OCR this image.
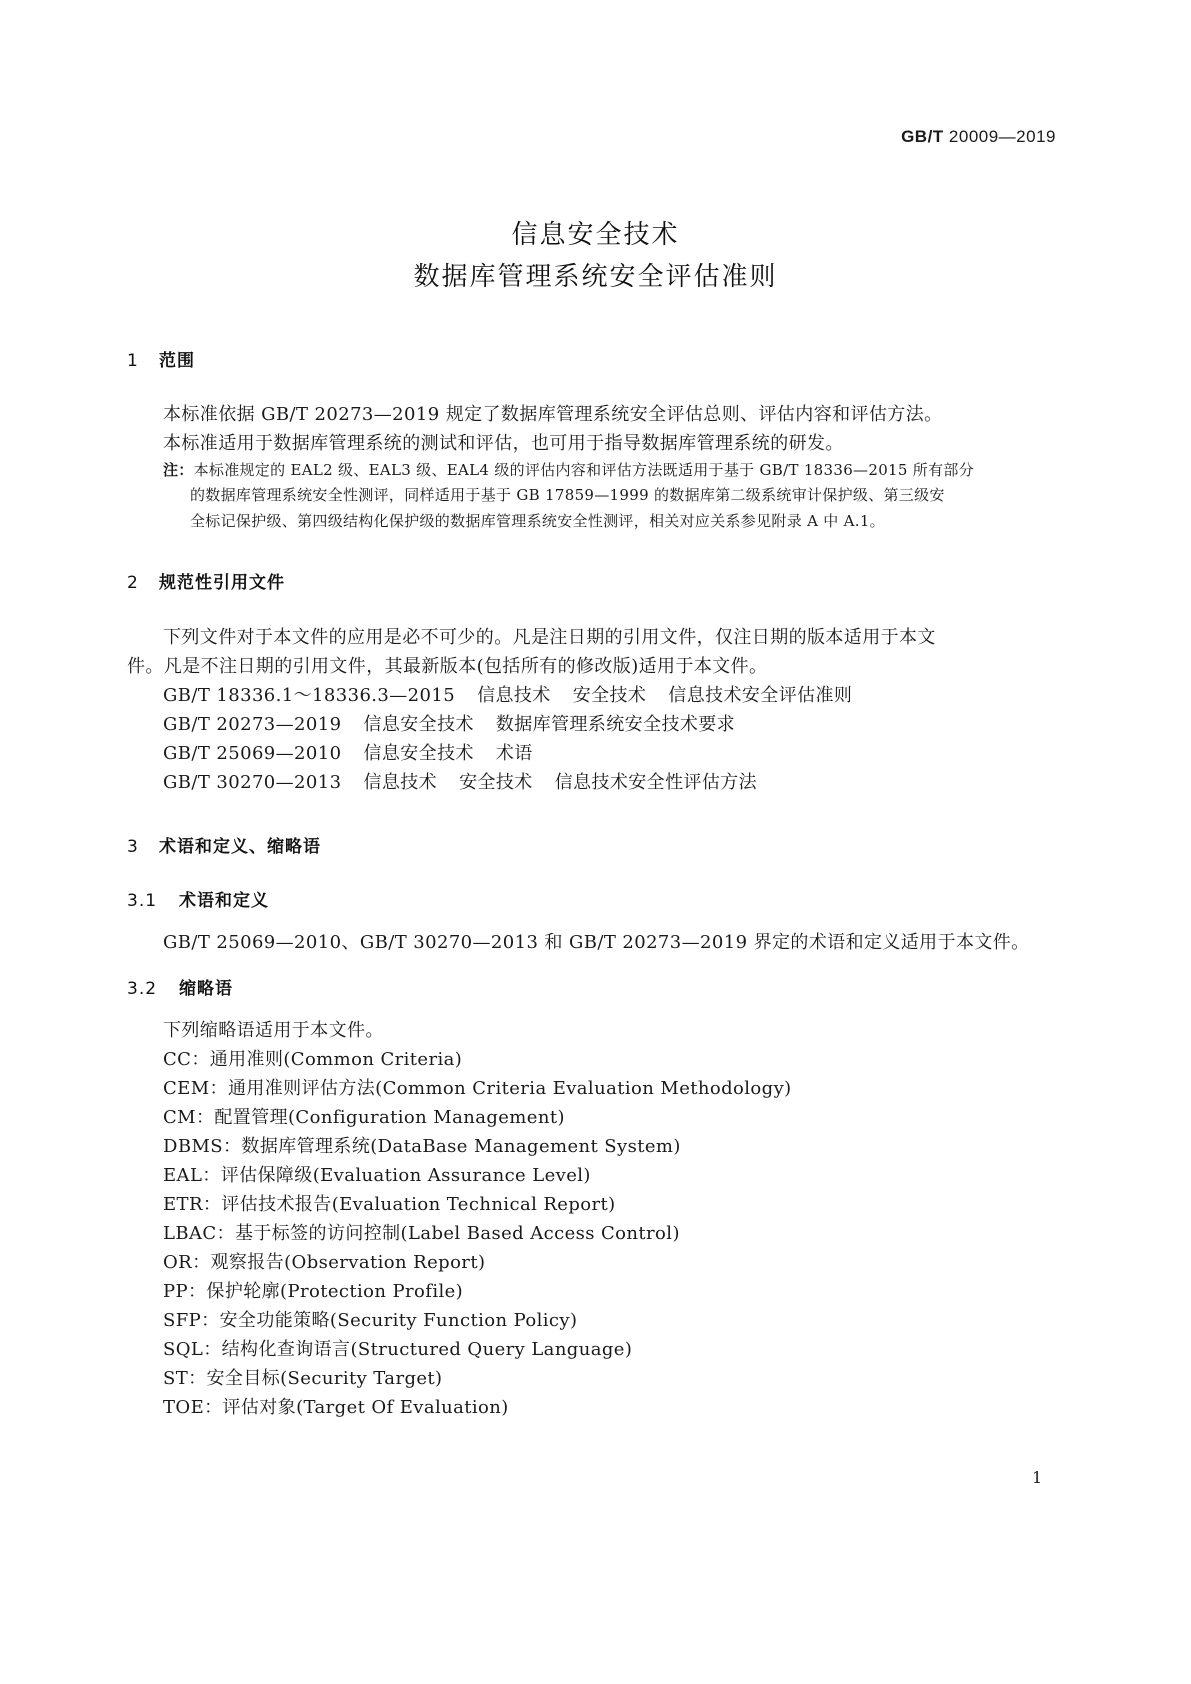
GB/T 20009—2019
信息安全技术
数据库管理系统安全评估准则
1 范围
本标准依据 GB/T 20273—2019 规定了数据库管理系统安全评估总则、评估内容和评估方法。
本标准适用于数据库管理系统的测试和评估，也可用于指导数据库管理系统的研发。
注：本标准规定的 EAL2 级、EAL3 级、EAL4 级的评估内容和评估方法既适用于基于 GB/T 18336—2015 所有部分
的数据库管理系统安全性测评，同样适用于基于 GB 17859—1999 的数据库第二级系统审计保护级、第三级安
全标记保护级、第四级结构化保护级的数据库管理系统安全性测评，相关对应关系参见附录 A 中 A.1。
2 规范性引用文件
下列文件对于本文件的应用是必不可少的。凡是注日期的引用文件，仅注日期的版本适用于本文
件。凡是不注日期的引用文件，其最新版本(包括所有的修改版)适用于本文件。
GB/T 18336.1～18336.3—2015 信息技术 安全技术 信息技术安全评估准则
GB/T 20273—2019 信息安全技术 数据库管理系统安全技术要求
GB/T 25069—2010 信息安全技术 术语
GB/T 30270—2013 信息技术 安全技术 信息技术安全性评估方法
3 术语和定义、缩略语
3.1 术语和定义
GB/T 25069—2010、GB/T 30270—2013 和 GB/T 20273—2019 界定的术语和定义适用于本文件。
3.2 缩略语
下列缩略语适用于本文件。
CC：通用准则(Common Criteria)
CEM：通用准则评估方法(Common Criteria Evaluation Methodology)
CM：配置管理(Configuration Management)
DBMS：数据库管理系统(DataBase Management System)
EAL：评估保障级(Evaluation Assurance Level)
ETR：评估技术报告(Evaluation Technical Report)
LBAC：基于标签的访问控制(Label Based Access Control)
OR：观察报告(Observation Report)
PP：保护轮廓(Protection Profile)
SFP：安全功能策略(Security Function Policy)
SQL：结构化查询语言(Structured Query Language)
ST：安全目标(Security Target)
TOE：评估对象(Target Of Evaluation)
1
